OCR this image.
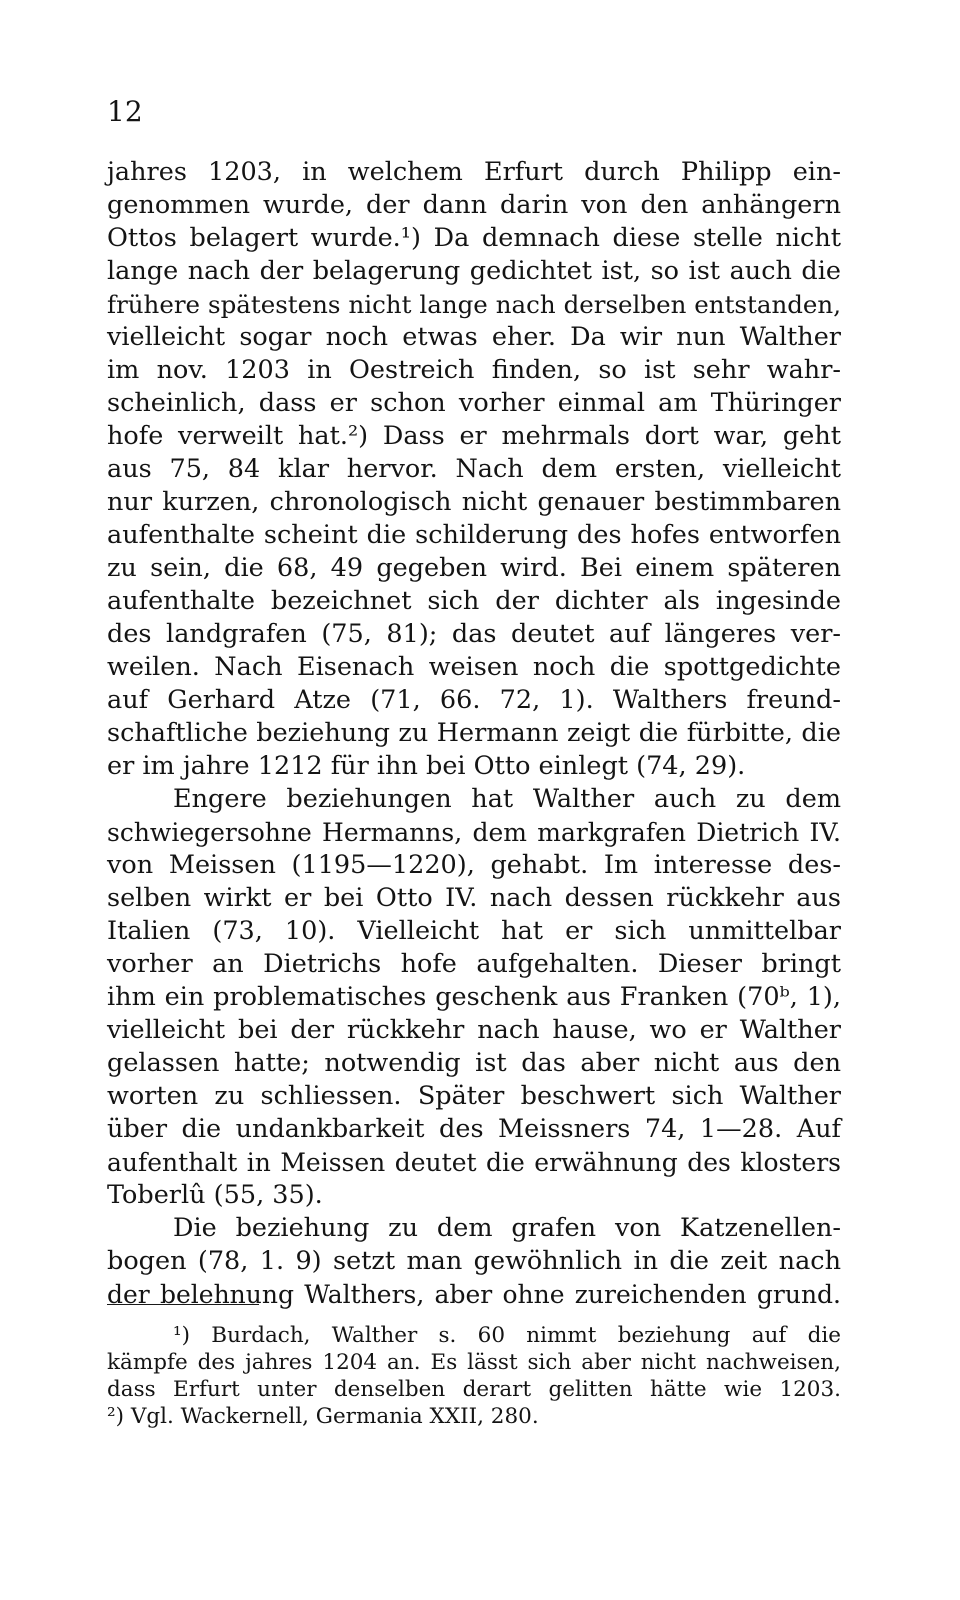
12
jahres 1203, in welchem Erfurt durch Philipp ein-
genommen wurde, der dann darin von den anhängern
Ottos belagert wurde.¹) Da demnach diese stelle nicht
lange nach der belagerung gedichtet ist, so ist auch die
frühere spätestens nicht lange nach derselben entstanden,
vielleicht sogar noch etwas eher. Da wir nun Walther
im nov. 1203 in Oestreich finden, so ist sehr wahr-
scheinlich, dass er schon vorher einmal am Thüringer
hofe verweilt hat.²) Dass er mehrmals dort war, geht
aus 75, 84 klar hervor. Nach dem ersten, vielleicht
nur kurzen, chronologisch nicht genauer bestimmbaren
aufenthalte scheint die schilderung des hofes entworfen
zu sein, die 68, 49 gegeben wird. Bei einem späteren
aufenthalte bezeichnet sich der dichter als ingesinde
des landgrafen (75, 81); das deutet auf längeres ver-
weilen. Nach Eisenach weisen noch die spottgedichte
auf Gerhard Atze (71, 66. 72, 1). Walthers freund-
schaftliche beziehung zu Hermann zeigt die fürbitte, die
er im jahre 1212 für ihn bei Otto einlegt (74, 29).
Engere beziehungen hat Walther auch zu dem
schwiegersohne Hermanns, dem markgrafen Dietrich IV.
von Meissen (1195—1220), gehabt. Im interesse des-
selben wirkt er bei Otto IV. nach dessen rückkehr aus
Italien (73, 10). Vielleicht hat er sich unmittelbar
vorher an Dietrichs hofe aufgehalten. Dieser bringt
ihm ein problematisches geschenk aus Franken (70ᵇ, 1),
vielleicht bei der rückkehr nach hause, wo er Walther
gelassen hatte; notwendig ist das aber nicht aus den
worten zu schliessen. Später beschwert sich Walther
über die undankbarkeit des Meissners 74, 1—28. Auf
aufenthalt in Meissen deutet die erwähnung des klosters
Toberlû (55, 35).
Die beziehung zu dem grafen von Katzenellen-
bogen (78, 1. 9) setzt man gewöhnlich in die zeit nach
der belehnung Walthers, aber ohne zureichenden grund.
¹) Burdach, Walther s. 60 nimmt beziehung auf die
kämpfe des jahres 1204 an. Es lässt sich aber nicht nachweisen,
dass Erfurt unter denselben derart gelitten hätte wie 1203.
²) Vgl. Wackernell, Germania XXII, 280.
